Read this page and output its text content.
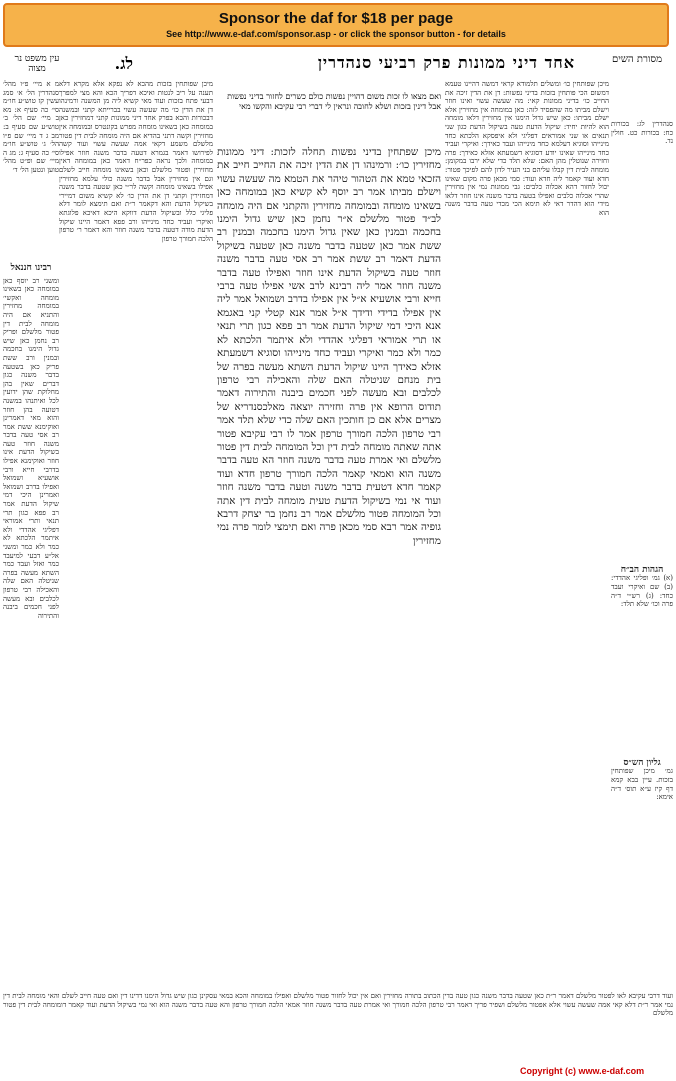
Sponsor the daf for $18 per page
See http://www.e-daf.com/sponsor.asp - or click the sponsor button - for details
מסורת השים
אחד דיני ממונות פרק רביעי סנהדרין
לג.
עין משפט נר מצוה
סנהדרין לג: בכורות כח: בכורות כט. חולין נד.
הגהות הב״ח
(א) גמ׳ ופליגי אהדדי: (ב) שם ואיקרי ועבד כחד: (ג) רש״י ד״ה פרה וכו׳ שלא תלד:
גליון הש״ס
גמ׳ מיכן שפותחין בזכות. עיין בבא קמא דף קיז ע״א תוס׳ ד״ה אימא:
מיכן שפותחין כו׳ ומשלים תלמודא קראי דמשה דהיינו טעמא דמשום הכי פותחין בזכות בדיני נפשות: דן את הדין זיכה את החייב כו׳ בדיני ממונות קאי: מה שעשה עשוי ואינו חוזר וישלם מביתו מה שהפסיד לזה: כאן במומחה אין מחזירין אלא ישלם מביתו: כאן שיש גדול הימנו אין מחזירין דלאו מומחה הוא להיות יחיד: שיקול הדעת טעה בשיקול הדעת כגון שני תנאים או שני אמוראים דפליגי ולא איפסקא הלכתא כחד מינייהו וסוגיא דעלמא כחד מינייהו ועבד כאידך: ואיקרי ועביד כחד מינייהו שאינו יודע דסוגיא דשמעתא אזלא כאידך: פרה וחזירה שנוטלין מהן האם: שלא תלד כדי שלא ירבו במקומן: מומחה לבית דין קבלו עליהם בני העיר לדון להם לפיכך פטור: חדא ועוד קאמר ליה חדא ועוד: סמי מכאן פרה מקום שאינו יכול לחזור דהא אכלוה כלבים: גבי ממונות נמי אין מחזירין שהרי אכלוה כלבים ואפילו בטעה בדבר משנה אינו חוזר דלאו מידי הוא דהדר דאי לא תימא הכי מכדי טעה בדבר משנה הוא
ואם מצאו לו זכות משום דהויין נפשות כולם כשרים לחזור בדיני נפשות אבל דינין בזכות ושלא לחובה ונראין לי דברי רבי עקיבא והקשו מאי
מיכן שפתחין בדיני נפשות תחלה לזכות: דיני ממונות מחזירין כו׳: ורמינהו דן את הדין זיכה את החייב חייב את הזכאי טמא את הטהור טיהר את הטמא מה שעשה עשוי וישלם מביתו אמר רב יוסף לא קשיא כאן במומחה כאן בשאינו מומחה ובמומחה מחזירין והקתני אם היה מומחה לב״ד פטור מלשלם א״ר נחמן כאן שיש גדול הימנו בחכמה ובמנין כאן שאין גדול הימנו בחכמה ובמנין רב ששת אמר כאן שטעה בדבר משנה כאן שטעה בשיקול הדעת דאמר רב ששת אמר רב אסי טעה בדבר משנה חוזר טעה בשיקול הדעת אינו חוזר ואפילו טעה בדבר משנה חוזר אמר ליה רבינא לרב אשי אפילו טעה ברבי חייא ורבי אושעיא א״ל אין אפילו בדרב ושמואל אמר ליה אין אפילו בדידי ודידך א״ל אמר אנא קטלי קני באגמא אנא היכי דמי שיקול הדעת אמר רב פפא כגון תרי תנאי או תרי אמוראי דפליגי אהדדי ולא איתמר הלכתא לא כמר ולא כמר ואיקרי ועביד כחד מינייהו וסוגיא דשמעתא אזלא כאידך היינו שיקול הדעת השתא מעשה בפרה של בית מנחם שניטלה האם שלה והאכילה רבי טרפון לכלבים ובא מעשה לפני חכמים ביבנה והתירוה דאמר תודוס הרופא אין פרה וחזירה יוצאה מאלכסנדריא של מצרים אלא אם כן חותכין האם שלה כדי שלא תלד אמר רבי טרפון הלכה חמורך טרפון אמר לו רבי עקיבא פטור אתה שאתה מומחה לבית דין וכל המומחה לבית דין פטור מלשלם ואי אמרת טעה בדבר משנה חוזר הא טעה בדבר משנה הוא ואמאי קאמר הלכה חמורך טרפון חדא ועוד קאמר חדא דטעית בדבר משנה וטעה בדבר משנה חוזר ועוד אי נמי בשיקול הדעת טעית מומחה לבית דין אתה וכל המומחה פטור מלשלם אמר רב נחמן בר יצחק דרבא גופיה אמר רבא סמי מכאן פרה ואם תימצי לומר פרה נמי מחזירין
מיכן שפותחין בזכות מהכא לא נפקא אלא מקרא דלא תענה על ריב לנטות ואיכא דפריך הכא והא מצי למפרך דבעי פתח בזכות ועוד מאי קשיא ליה מן המשנה ורמינהו דן את הדין כו׳ מה שעשה עשוי בברייתא קתני ובמשנה דבכורות והכא בפרק אחד דיני ממונות קתני דמחזירין כאן במומחה כאן בשאינו מומחה מפרש בקונטרס ובמומחה אין מחזירין וקשה דתני בהדיא אם היה מומחה לבית דין פטור מלשלם משמע דקאי אמה שעשה עשוי ועוד קשה לפירושו דאמר בגמרא דטעה בדבר משנה חוזר אפילו במומחה ולכך נראה כפר״ח דאמר כאן במומחה דאין מחזירין ופטור מלשלם וכאן בשאינו מומחה חייב לשלם וגם אין מחזירין אבל בדבר משנה כולי עלמא מחזירין אפילו בשאינו מומחה וקשה לר״י כאן שטעה בדבר משנה דמחזירין וקתני דן את הדין כו׳ לא קשיא משום דמיירי בשיקול הדעת והא דקאמר ר״ת ואם תימצא לומר דלא פליגי כלל ובשיקול הדעת דווקא היכא דאיכא פלוגתא ואיקרי ועביד כחד מינייהו ורב פפא דאמר היינו שיקול הדעת מודה דטעה בדבר משנה חוזר והא דאמר ר׳ טרפון הלכה חמורך טרפון
מ א מיי׳ פ״ו מהל׳ סנהדרין הל׳ א׳ סמג עשין קז טוש״ע חו״מ סי׳ כה סעיף א: מא ב מיי׳ שם הל׳ ב׳ טוש״ע שם סעיף ב: מב ג ד מיי׳ שם פ״ו הל׳ ג׳ טוש״ע חו״מ סי׳ כה סעיף ג: מג ה מיי׳ שם ופ״ט מהל׳ טוען ונטען הל׳ ד׳
רבינו חננאל
ומשני רב יוסף כאן במומחה כאן בשאינו מומחה ואקשי׳ במומחה מחזירין והתניא אם היה מומחה לבית דין פטור מלשלם ופריק רב נחמן כאן שיש גדול הימנו בחכמה ובמנין ורב ששת פריק כאן בשטעה בדבר משנה כגון דברים שאין בהן מחלוקת שהן ידועין לכל ואיתנהו במשנה דטועה בהן חוזר והוא מאי דאמרינן ואוקימנא ששת אמר רב אסי טעה בדבר משנה חוזר טעה בשיקול הדעת אינו חוזר ואוקימנא אפילו בדרבי חייא ורבי אושעיא ושמואל ואפילו בדרב ושמואל ואמרינן היכי דמי שיקול הדעת אמר רב פפא כגון תרי תנאי ותרי אמוראי דפליגי אהדדי ולא איתמר הלכתא לא כמר ולא כמר ומשני אל״ע דבעי למיעבד כמר ואזל ועבד כמר השתא מעשה בפרה שניטלה האם שלה והאכילה רבי טרפון לכלבים ובא מעשה לפני חכמים ביבנה והתירוה
ועוד דרבי עקיבא לאו לפטור מלשלם דאמר ר״ת כאן שטעה בדבר משנה כגון טעה בדין הכתוב בתורה מחזירין ואם אין יכול לחזור פטור מלשלם ואפילו במומחה והכא במאי עסקינן כגון שיש גדול הימנו דדינו דין ואם טעה חייב לשלם והאי מומחה לבית דין נמי אמר ר״ת דלא קאי אמה שעשה עשוי אלא אפטור מלשלם ושפיר פריך דאמר רבי טרפון הלכה חמורך ואי אמרת טעה בדבר משנה חוזר אמאי הלכה חמורך טרפון והא טעה בדבר משנה הוא ואי נמי בשיקול הדעת ועוד קאמר דומומחה לבית דין פטור מלשלם
Copyright (c) www.e-daf.com
